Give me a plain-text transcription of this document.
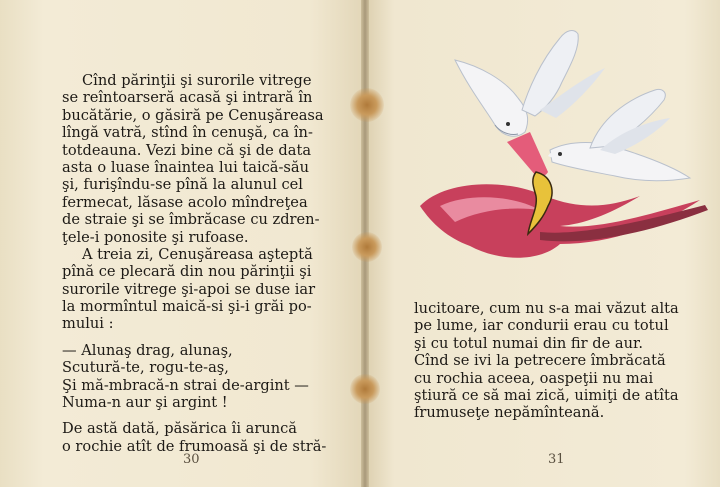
Cînd părinţii şi surorile vitrege
se reîntoarseră acasă şi intrară în
bucătărie, o găsiră pe Cenuşăreasa
lîngă vatră, stînd în cenuşă, ca în-
totdeauna. Vezi bine că şi de data
asta o luase înaintea lui taică-său
şi, furişîndu-se pînă la alunul cel
fermecat, lăsase acolo mîndreţea
de straie şi se îmbrăcase cu zdren-
ţele-i ponosite şi rufoase.
A treia zi, Cenuşăreasa aşteptă
pînă ce plecară din nou părinţii şi
surorile vitrege şi-apoi se duse iar
la mormîntul maică-si şi-i grăi po-
mului :
— Alunaş drag, alunaş,
Scutură-te, rogu-te-aş,
Şi mă-mbracă-n strai de-argint —
Numa-n aur şi argint !
De astă dată, păsărica îi aruncă
o rochie atît de frumoasă şi de stră-
30
lucitoare, cum nu s-a mai văzut alta
pe lume, iar condurii erau cu totul
şi cu totul numai din fir de aur.
Cînd se ivi la petrecere îmbrăcată
cu rochia aceea, oaspeţii nu mai
ştiură ce să mai zică, uimiţi de atîta
frumuseţe nepămînteană.
31
